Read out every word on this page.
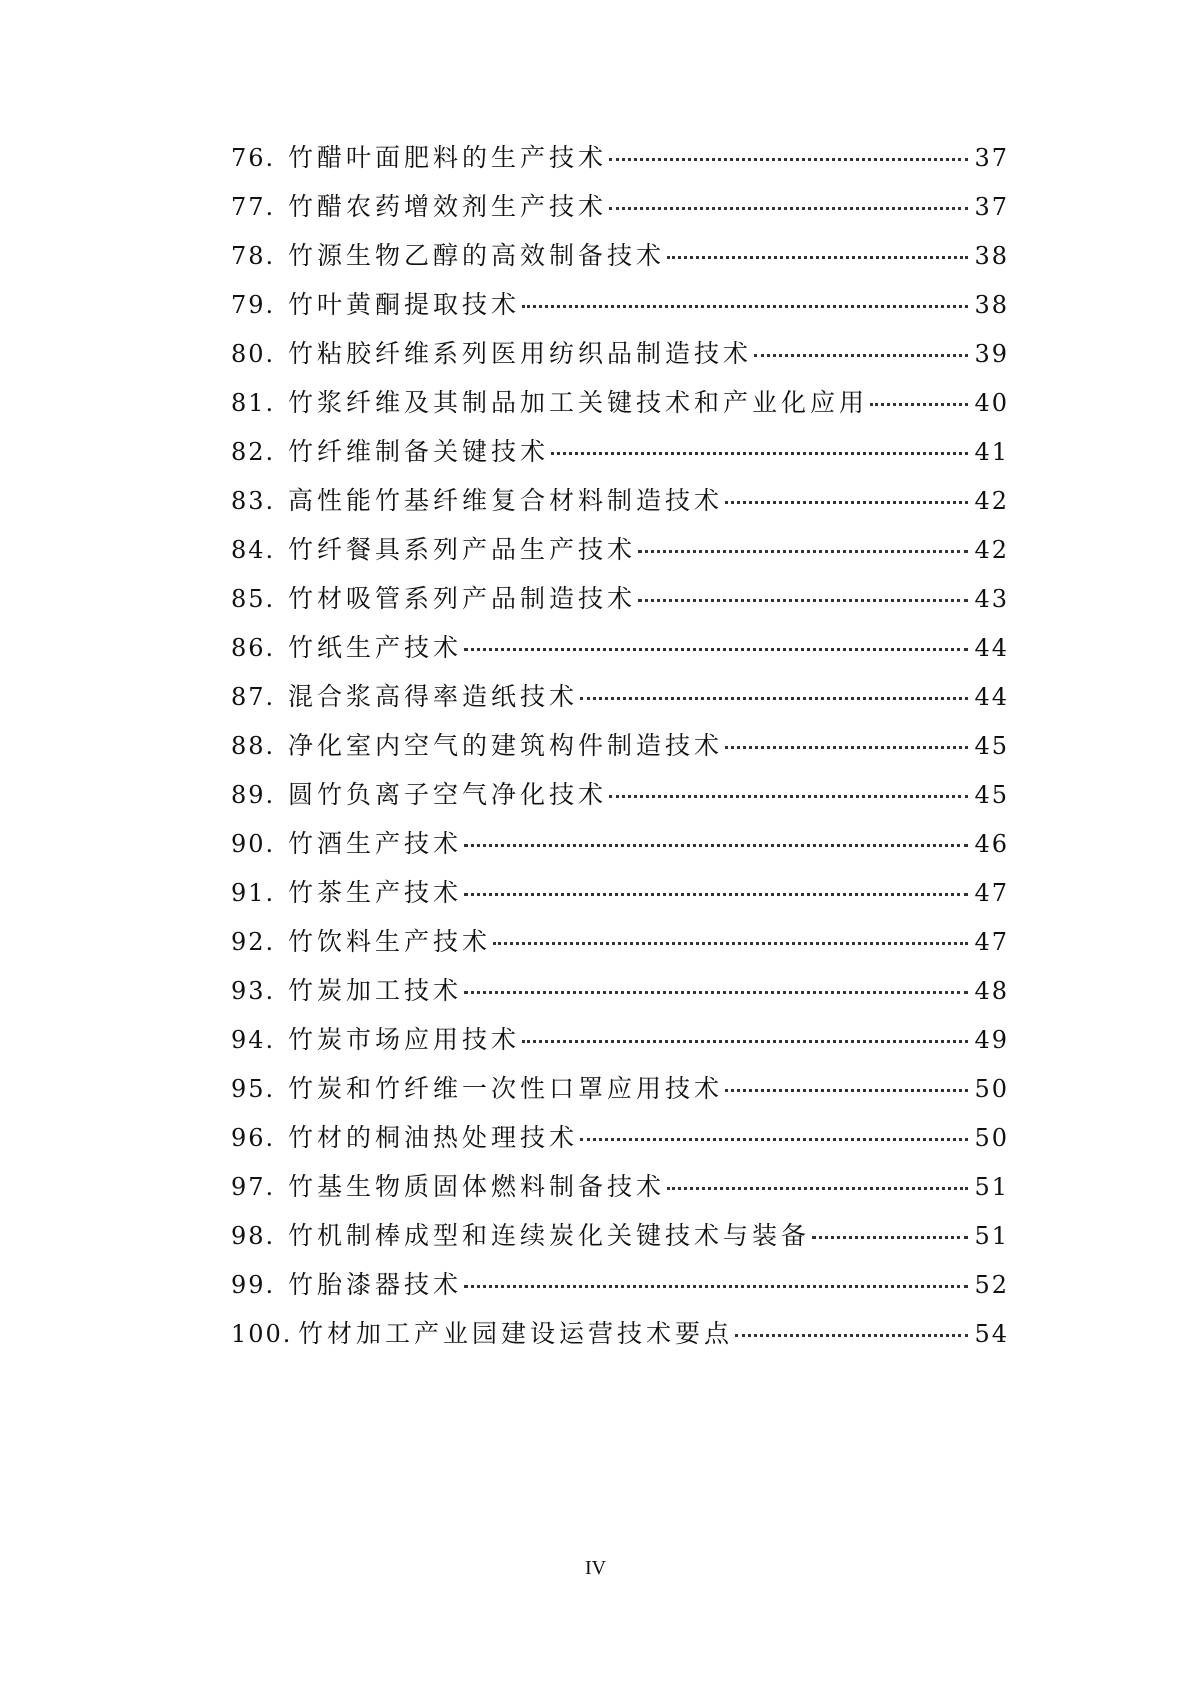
76. 竹醋叶面肥料的生产技术	37
77. 竹醋农药增效剂生产技术	37
78. 竹源生物乙醇的高效制备技术	38
79. 竹叶黄酮提取技术	38
80. 竹粘胶纤维系列医用纺织品制造技术	39
81. 竹浆纤维及其制品加工关键技术和产业化应用	40
82. 竹纤维制备关键技术	41
83. 高性能竹基纤维复合材料制造技术	42
84. 竹纤餐具系列产品生产技术	42
85. 竹材吸管系列产品制造技术	43
86. 竹纸生产技术	44
87. 混合浆高得率造纸技术	44
88. 净化室内空气的建筑构件制造技术	45
89. 圆竹负离子空气净化技术	45
90. 竹酒生产技术	46
91. 竹茶生产技术	47
92. 竹饮料生产技术	47
93. 竹炭加工技术	48
94. 竹炭市场应用技术	49
95. 竹炭和竹纤维一次性口罩应用技术	50
96. 竹材的桐油热处理技术	50
97. 竹基生物质固体燃料制备技术	51
98. 竹机制棒成型和连续炭化关键技术与装备	51
99. 竹胎漆器技术	52
100. 竹材加工产业园建设运营技术要点	54
IV
